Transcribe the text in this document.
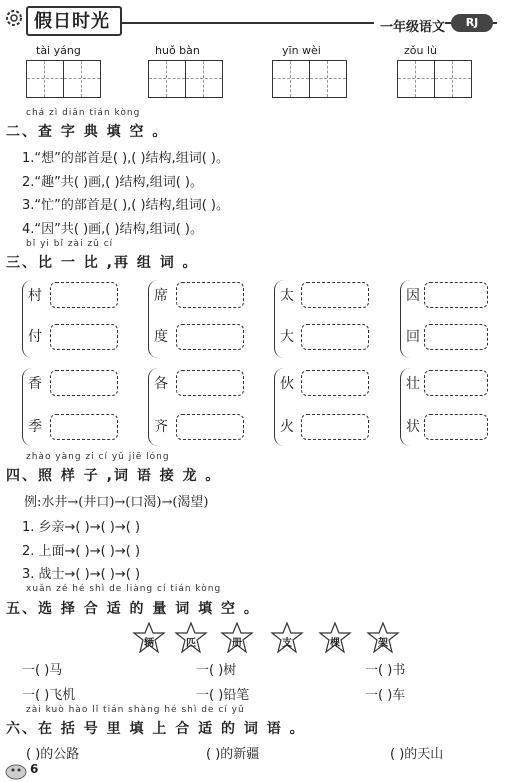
假日时光	一年级语文	RJ
tài yáng	huǒ bàn	yīn wèi	zǒu lù
chá zì diǎn tián kòng
二、查 字 典 填 空 。
1.“想”的部首是( ),( )结构,组词( )。
2.“趣”共( )画,( )结构,组词( )。
3.“忙”的部首是( ),( )结构,组词( )。
4.“因”共( )画,( )结构,组词( )。
bǐ yi bǐ zài zǔ cí
三、比 一 比 ,再 组 词 。
村
付
席
度
太
大
因
回
香
季
各
齐
伙
火
壮
状
zhào yàng zi cí yǔ jiē lóng
四、照 样 子 ,词 语 接 龙 。
例:水井→(井口)→(口渴)→(渴望)
1. 乡亲→( )→( )→( )
2. 上面→( )→( )→( )
3. 战士→( )→( )→( )
xuǎn zé hé shì de liàng cí tián kòng
五、选 择 合 适 的 量 词 填 空 。
辆	匹	册	支	棵	架
一( )马	一( )树	一( )书
一( )飞机	一( )铅笔	一( )车
zài kuò hào lǐ tián shàng hé shì de cí yǔ
六、在 括 号 里 填 上 合 适 的 词 语 。
( )的公路	( )的新疆	( )的天山
6
